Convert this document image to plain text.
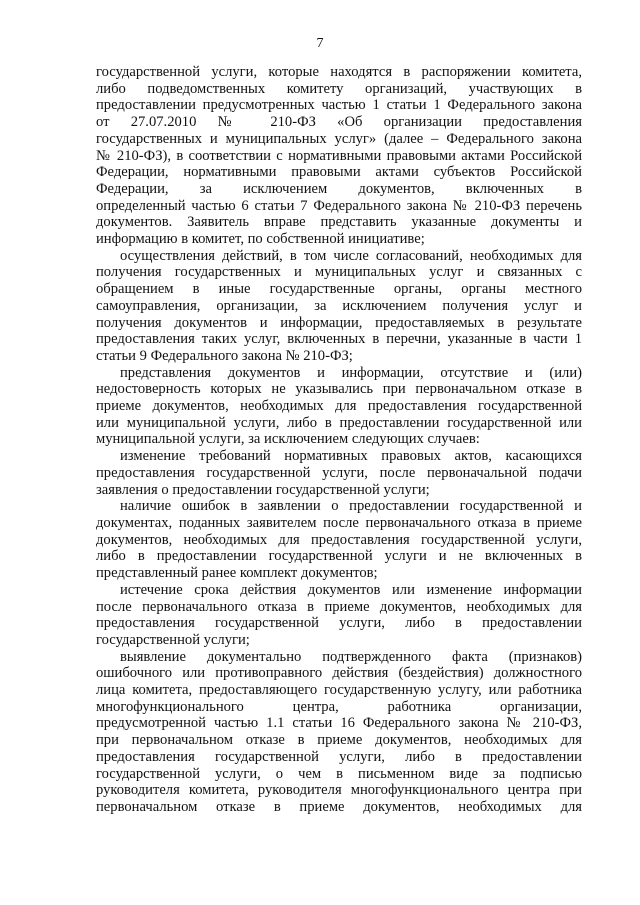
7
государственной услуги, которые находятся в распоряжении комитета,
либо подведомственных комитету организаций, участвующих в
предоставлении предусмотренных частью 1 статьи 1 Федерального закона
от 27.07.2010 № 210-ФЗ «Об организации предоставления
государственных и муниципальных услуг» (далее – Федерального закона
№ 210-ФЗ), в соответствии с нормативными правовыми актами Российской
Федерации, нормативными правовыми актами субъектов Российской
Федерации, за исключением документов, включенных в
определенный частью 6 статьи 7 Федерального закона № 210-ФЗ перечень
документов. Заявитель вправе представить указанные документы и
информацию в комитет, по собственной инициативе;
осуществления действий, в том числе согласований, необходимых для
получения государственных и муниципальных услуг и связанных с
обращением в иные государственные органы, органы местного
самоуправления, организации, за исключением получения услуг и
получения документов и информации, предоставляемых в результате
предоставления таких услуг, включенных в перечни, указанные в части 1
статьи 9 Федерального закона № 210-ФЗ;
представления документов и информации, отсутствие и (или)
недостоверность которых не указывались при первоначальном отказе в
приеме документов, необходимых для предоставления государственной
или муниципальной услуги, либо в предоставлении государственной или
муниципальной услуги, за исключением следующих случаев:
изменение требований нормативных правовых актов, касающихся
предоставления государственной услуги, после первоначальной подачи
заявления о предоставлении государственной услуги;
наличие ошибок в заявлении о предоставлении государственной и
документах, поданных заявителем после первоначального отказа в приеме
документов, необходимых для предоставления государственной услуги,
либо в предоставлении государственной услуги и не включенных в
представленный ранее комплект документов;
истечение срока действия документов или изменение информации
после первоначального отказа в приеме документов, необходимых для
предоставления государственной услуги, либо в предоставлении
государственной услуги;
выявление документально подтвержденного факта (признаков)
ошибочного или противоправного действия (бездействия) должностного
лица комитета, предоставляющего государственную услугу, или работника
многофункционального центра, работника организации,
предусмотренной частью 1.1 статьи 16 Федерального закона № 210-ФЗ,
при первоначальном отказе в приеме документов, необходимых для
предоставления государственной услуги, либо в предоставлении
государственной услуги, о чем в письменном виде за подписью
руководителя комитета, руководителя многофункционального центра при
первоначальном отказе в приеме документов, необходимых для
